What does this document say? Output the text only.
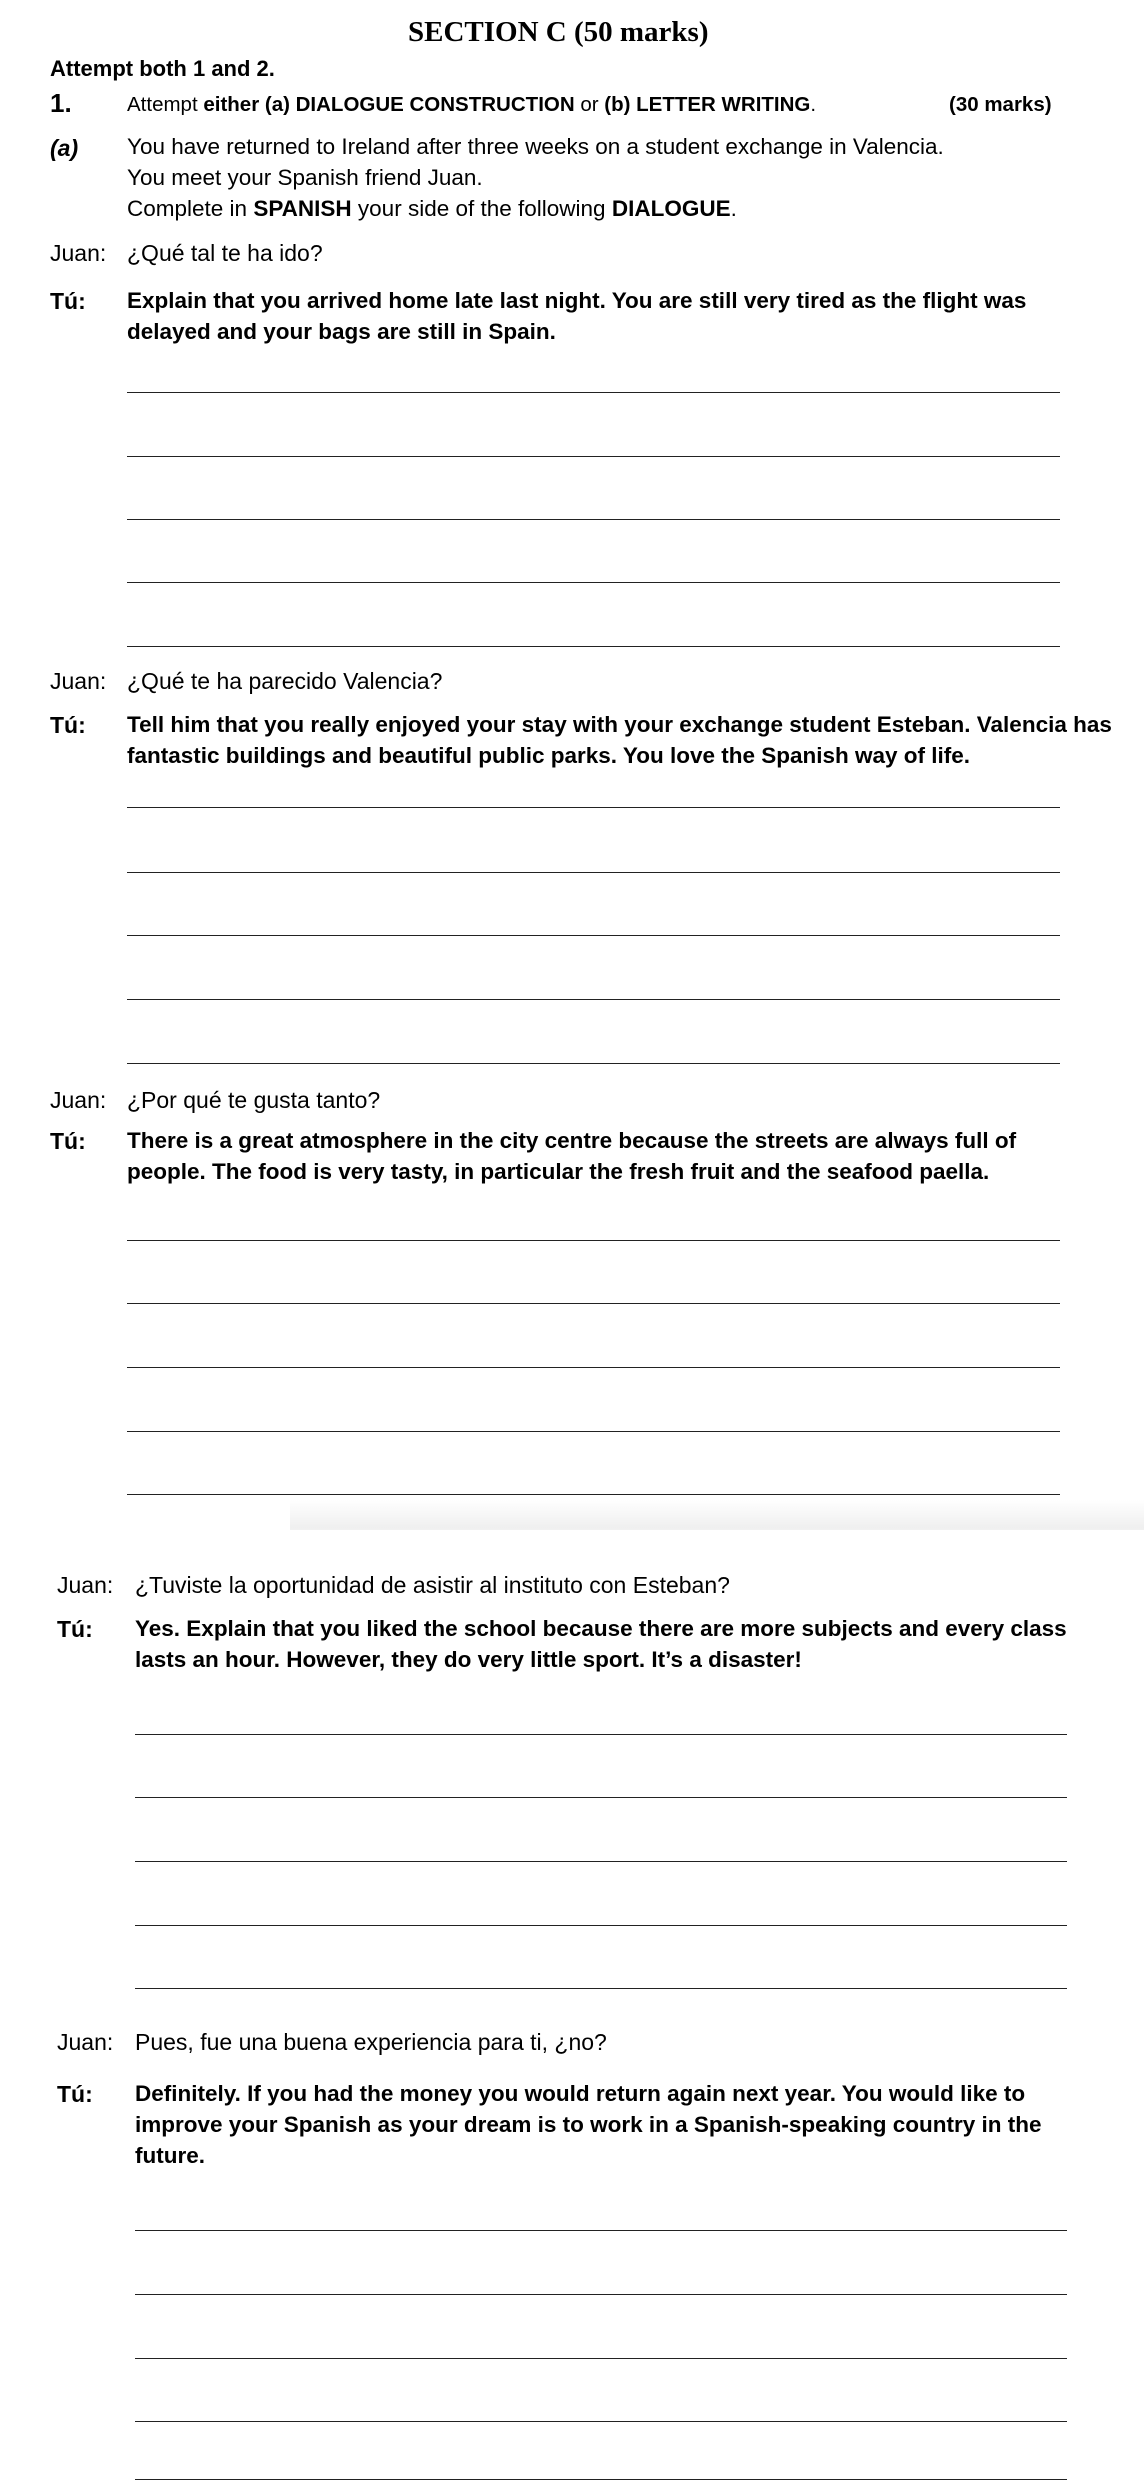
SECTION C (50 marks)
Attempt both 1 and 2.
1.	Attempt either (a) DIALOGUE CONSTRUCTION or (b) LETTER WRITING.	(30 marks)
(a) You have returned to Ireland after three weeks on a student exchange in Valencia.
You meet your Spanish friend Juan.
Complete in SPANISH your side of the following DIALOGUE.
Juan: ¿Qué tal te ha ido?
Tú: Explain that you arrived home late last night. You are still very tired as the flight was delayed and your bags are still in Spain.
Juan: ¿Qué te ha parecido Valencia?
Tú: Tell him that you really enjoyed your stay with your exchange student Esteban. Valencia has fantastic buildings and beautiful public parks. You love the Spanish way of life.
Juan: ¿Por qué te gusta tanto?
Tú: There is a great atmosphere in the city centre because the streets are always full of people. The food is very tasty, in particular the fresh fruit and the seafood paella.
Juan: ¿Tuviste la oportunidad de asistir al instituto con Esteban?
Tú: Yes. Explain that you liked the school because there are more subjects and every class lasts an hour. However, they do very little sport. It’s a disaster!
Juan: Pues, fue una buena experiencia para ti, ¿no?
Tú: Definitely. If you had the money you would return again next year. You would like to improve your Spanish as your dream is to work in a Spanish-speaking country in the future.
